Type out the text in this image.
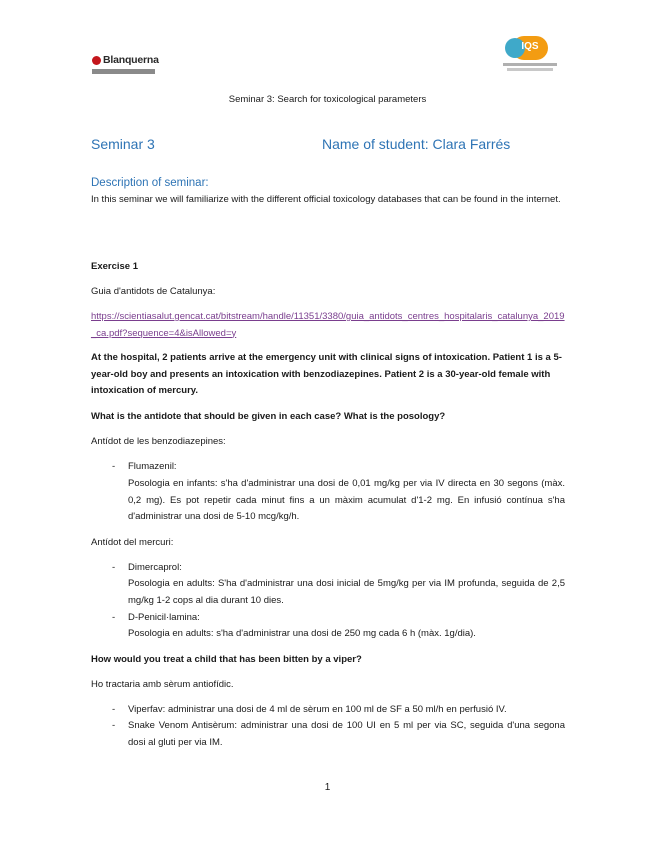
Blanquerna
IQS
Seminar 3: Search for toxicological parameters
Seminar 3	Name of student: Clara Farrés
Description of seminar:
In this seminar we will familiarize with the different official toxicology databases that can be found in the internet.
Exercise 1
Guia d'antidots de Catalunya:
https://scientiasalut.gencat.cat/bitstream/handle/11351/3380/guia_antidots_centres_hospitalaris_catalunya_2019_ca.pdf?sequence=4&isAllowed=y
At the hospital, 2 patients arrive at the emergency unit with clinical signs of intoxication. Patient 1 is a 5-year-old boy and presents an intoxication with benzodiazepines. Patient 2 is a 30-year-old female with intoxication of mercury.
What is the antidote that should be given in each case? What is the posology?
Antídot de les benzodiazepines:
- Flumazenil:
Posologia en infants: s'ha d'administrar una dosi de 0,01 mg/kg per via IV directa en 30 segons (màx. 0,2 mg). Es pot repetir cada minut fins a un màxim acumulat d'1-2 mg. En infusió contínua s'ha d'administrar una dosi de 5-10 mcg/kg/h.
Antídot del mercuri:
- Dimercaprol:
Posologia en adults: S'ha d'administrar una dosi inicial de 5mg/kg per via IM profunda, seguida de 2,5 mg/kg 1-2 cops al dia durant 10 dies.
- D-Penicil·lamina:
Posologia en adults: s'ha d'administrar una dosi de 250 mg cada 6 h (màx. 1g/dia).
How would you treat a child that has been bitten by a viper?
Ho tractaria amb sèrum antiofídic.
- Viperfav: administrar una dosi de 4 ml de sèrum en 100 ml de SF a 50 ml/h en perfusió IV.
- Snake Venom Antisèrum: administrar una dosi de 100 UI en 5 ml per via SC, seguida d'una segona dosi al gluti per via IM.
1
